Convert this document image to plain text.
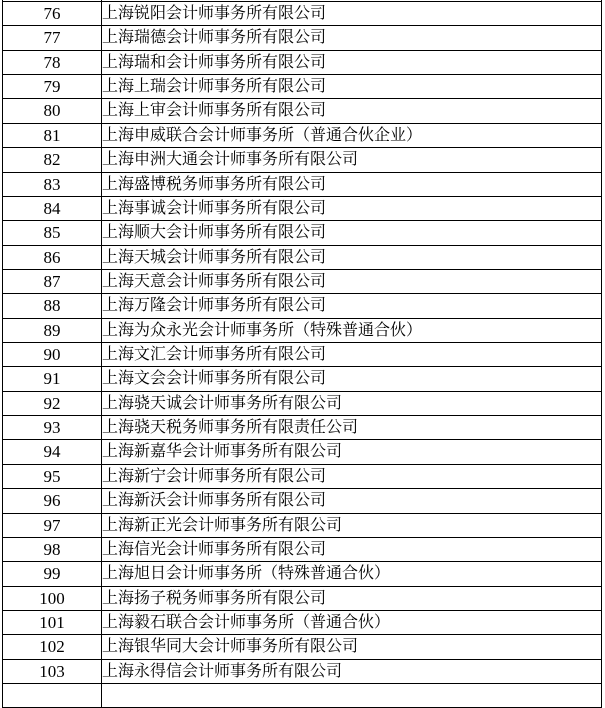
76	上海锐阳会计师事务所有限公司
77	上海瑞德会计师事务所有限公司
78	上海瑞和会计师事务所有限公司
79	上海上瑞会计师事务所有限公司
80	上海上审会计师事务所有限公司
81	上海申威联合会计师事务所（普通合伙企业）
82	上海申洲大通会计师事务所有限公司
83	上海盛博税务师事务所有限公司
84	上海事诚会计师事务所有限公司
85	上海顺大会计师事务所有限公司
86	上海天城会计师事务所有限公司
87	上海天意会计师事务所有限公司
88	上海万隆会计师事务所有限公司
89	上海为众永光会计师事务所（特殊普通合伙）
90	上海文汇会计师事务所有限公司
91	上海文会会计师事务所有限公司
92	上海骁天诚会计师事务所有限公司
93	上海骁天税务师事务所有限责任公司
94	上海新嘉华会计师事务所有限公司
95	上海新宁会计师事务所有限公司
96	上海新沃会计师事务所有限公司
97	上海新正光会计师事务所有限公司
98	上海信光会计师事务所有限公司
99	上海旭日会计师事务所（特殊普通合伙）
100	上海扬子税务师事务所有限公司
101	上海毅石联合会计师事务所（普通合伙）
102	上海银华同大会计师事务所有限公司
103	上海永得信会计师事务所有限公司
